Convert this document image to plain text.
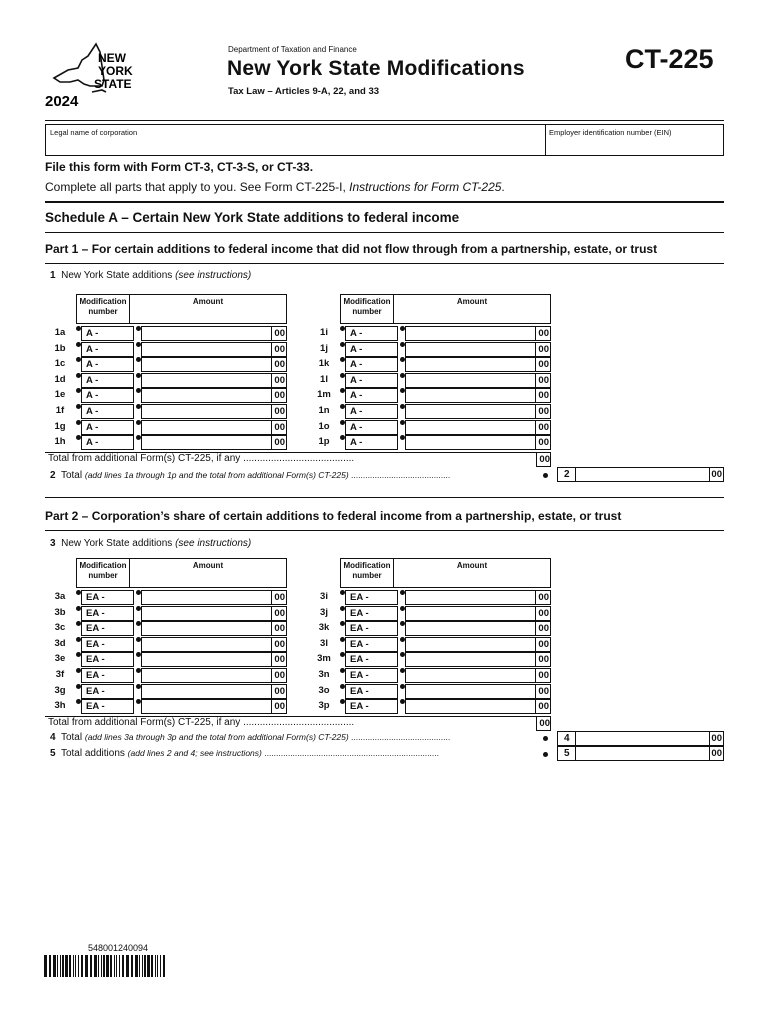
NEW
YORK
STATE
2024
Department of Taxation and Finance
New York State Modifications
Tax Law – Articles 9-A, 22, and 33
CT-225
Legal name of corporation	Employer identification number (EIN)
File this form with Form CT-3, CT-3-S, or CT-33.
Complete all parts that apply to you. See Form CT-225-I, Instructions for Form CT-225.
Schedule A – Certain New York State additions to federal income
Part 1 – For certain additions to federal income that did not flow through from a partnership, estate, or trust
1 New York State additions (see instructions)
Modification number
Amount
1a	A -	00
1b	A -	00
1c	A -	00
1d	A -	00
1e	A -	00
1f	A -	00
1g	A -	00
1h	A -	00
Modification number
Amount
1i	A -	00
1j	A -	00
1k	A -	00
1l	A -	00
1m	A -	00
1n	A -	00
1o	A -	00
1p	A -	00
Total from additional Form(s) CT-225, if any ........................................	00
2 Total (add lines 1a through 1p and the total from additional Form(s) CT-225) ..........................................	2	00
Part 2 – Corporation’s share of certain additions to federal income from a partnership, estate, or trust
3 New York State additions (see instructions)
Modification number
Amount
3a	EA -	00
3b	EA -	00
3c	EA -	00
3d	EA -	00
3e	EA -	00
3f	EA -	00
3g	EA -	00
3h	EA -	00
Modification number
Amount
3i	EA -	00
3j	EA -	00
3k	EA -	00
3l	EA -	00
3m	EA -	00
3n	EA -	00
3o	EA -	00
3p	EA -	00
Total from additional Form(s) CT-225, if any ........................................	00
4 Total (add lines 3a through 3p and the total from additional Form(s) CT-225) ..........................................	4	00
5 Total additions (add lines 2 and 4; see instructions) ..........................................................................	5	00
548001240094
